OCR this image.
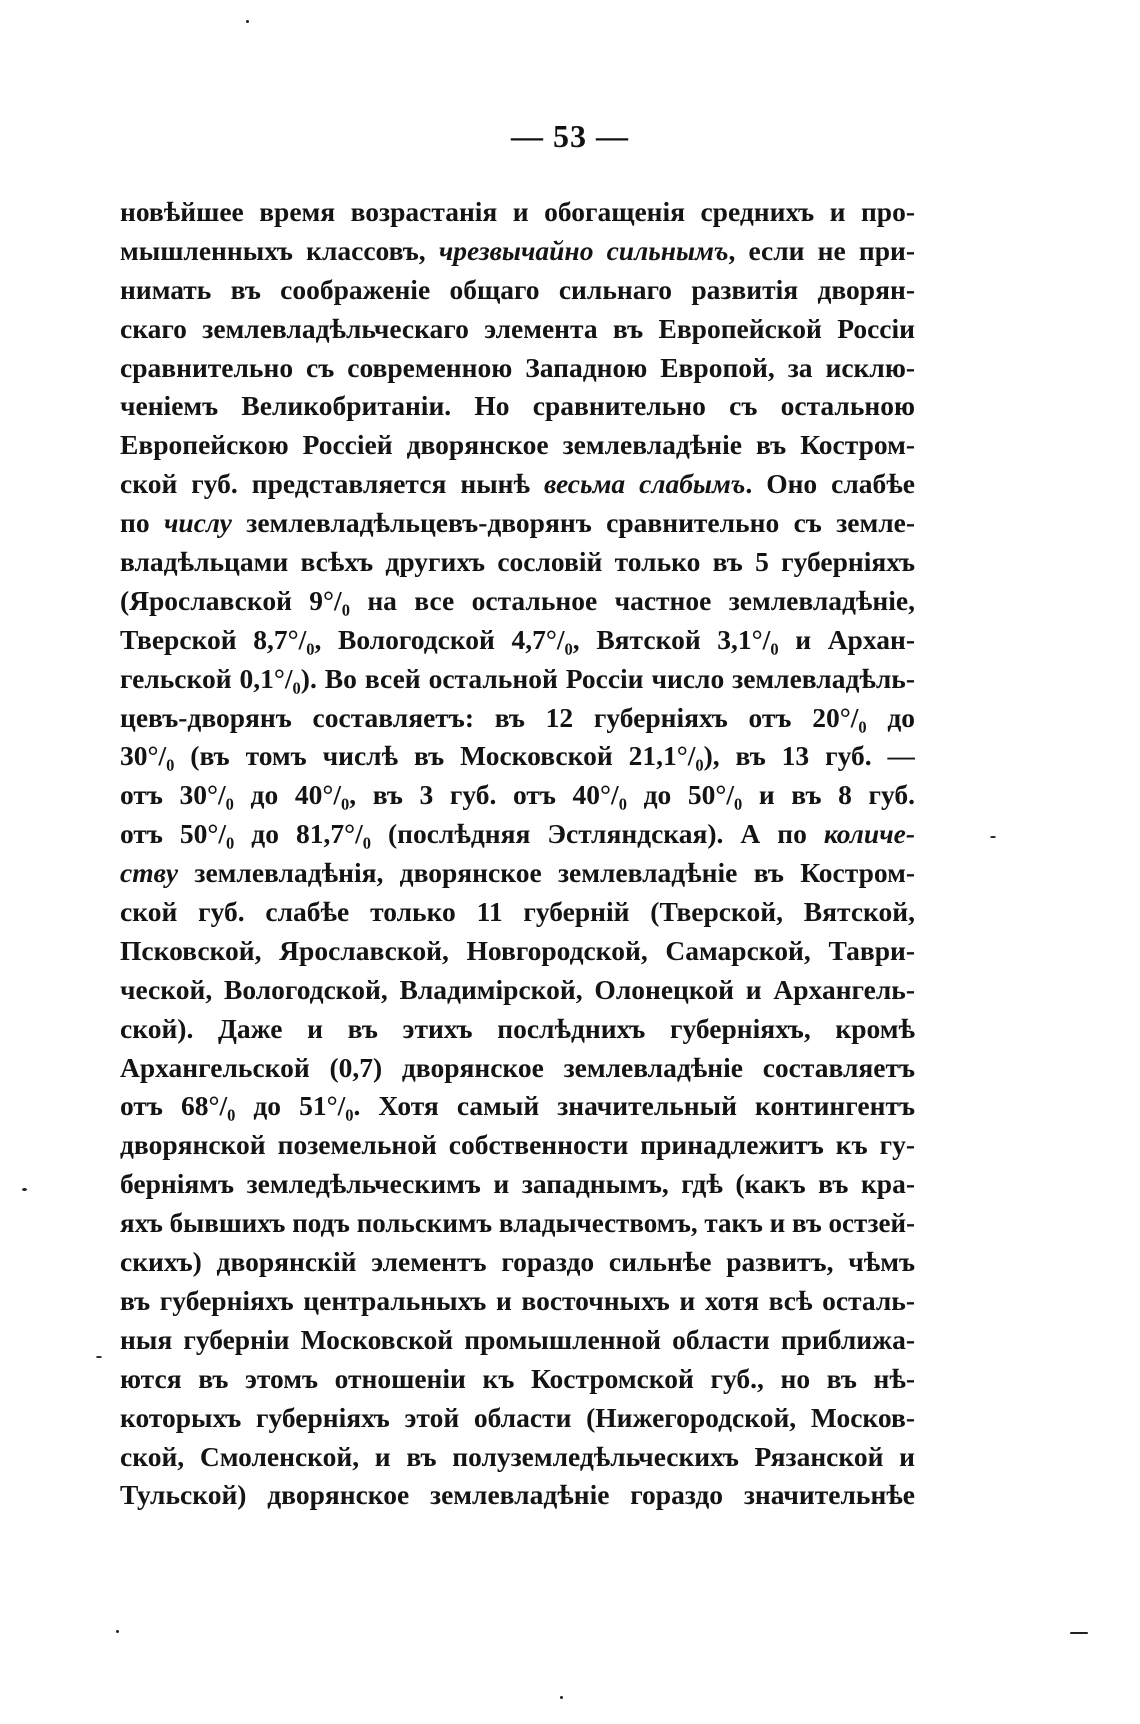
— 53 —
новѣйшее время возрастанія и обогащенія среднихъ и про-
мышленныхъ классовъ, чрезвычайно сильнымъ, если не при-
нимать въ соображеніе общаго сильнаго развитія дворян-
скаго землевладѣльческаго элемента въ Европейской Россіи
сравнительно съ современною Западною Европой, за исклю-
ченіемъ Великобританіи. Но сравнительно съ остальною
Европейскою Россіей дворянское землевладѣніе въ Костром-
ской губ. представляется нынѣ весьма слабымъ. Оно слабѣе
по числу землевладѣльцевъ-дворянъ сравнительно съ земле-
владѣльцами всѣхъ другихъ сословій только въ 5 губерніяхъ
(Ярославской 9°/₀ на все остальное частное землевладѣніе,
Тверской 8,7°/₀, Вологодской 4,7°/₀, Вятской 3,1°/₀ и Архан-
гельской 0,1°/₀). Во всей остальной Россіи число землевладѣль-
цевъ-дворянъ составляетъ: въ 12 губерніяхъ отъ 20°/₀ до
30°/₀ (въ томъ числѣ въ Московской 21,1°/₀), въ 13 губ. —
отъ 30°/₀ до 40°/₀, въ 3 губ. отъ 40°/₀ до 50°/₀ и въ 8 губ.
отъ 50°/₀ до 81,7°/₀ (послѣдняя Эстляндская). А по количе-
ству землевладѣнія, дворянское землевладѣніе въ Костром-
ской губ. слабѣе только 11 губерній (Тверской, Вятской,
Псковской, Ярославской, Новгородской, Самарской, Таври-
ческой, Вологодской, Владимірской, Олонецкой и Архангель-
ской). Даже и въ этихъ послѣднихъ губерніяхъ, кромѣ
Архангельской (0,7) дворянское землевладѣніе составляетъ
отъ 68°/₀ до 51°/₀. Хотя самый значительный контингентъ
дворянской поземельной собственности принадлежитъ къ гу-
берніямъ земледѣльческимъ и западнымъ, гдѣ (какъ въ кра-
яхъ бывшихъ подъ польскимъ владычествомъ, такъ и въ остзей-
скихъ) дворянскій элементъ гораздо сильнѣе развитъ, чѣмъ
въ губерніяхъ центральныхъ и восточныхъ и хотя всѣ осталь-
ныя губерніи Московской промышленной области приближа-
ются въ этомъ отношеніи къ Костромской губ., но въ нѣ-
которыхъ губерніяхъ этой области (Нижегородской, Москов-
ской, Смоленской, и въ полуземледѣльческихъ Рязанской и
Тульской) дворянское землевладѣніе гораздо значительнѣе
